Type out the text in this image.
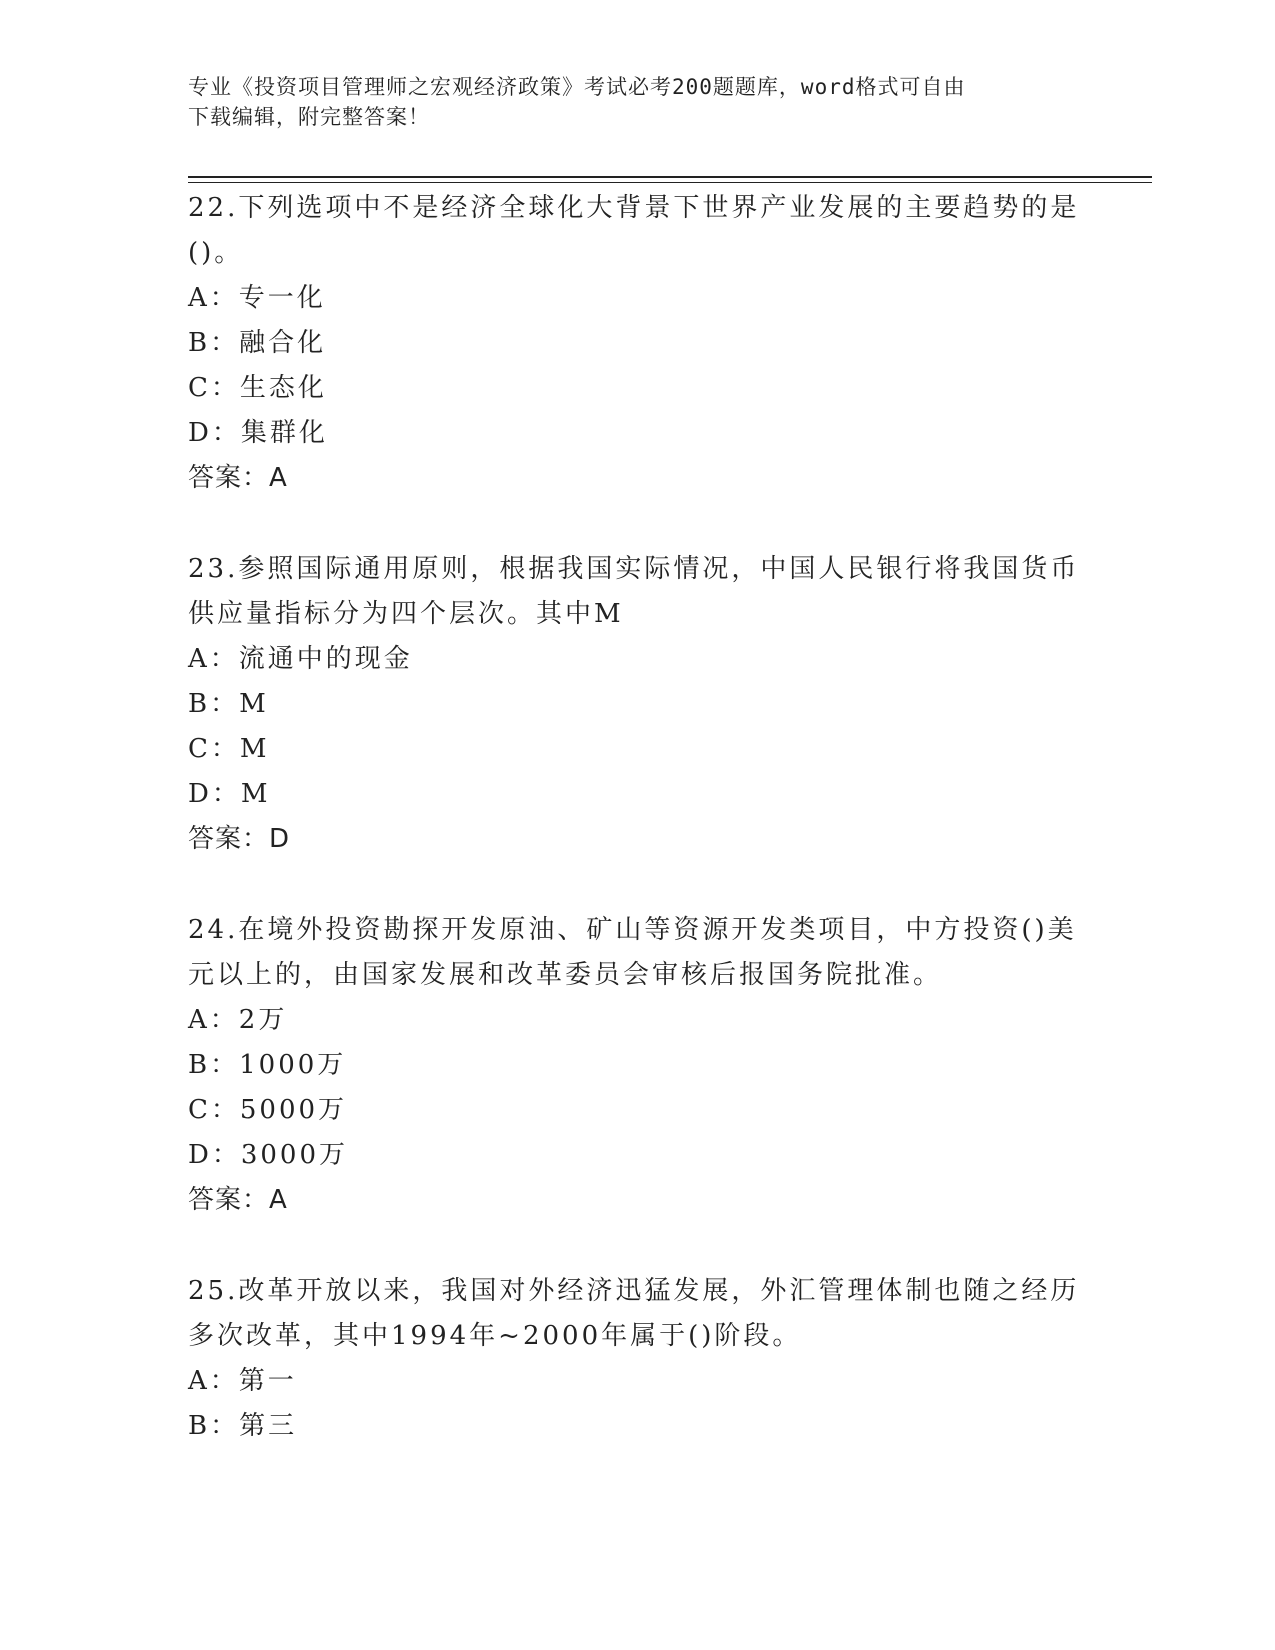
专业《投资项目管理师之宏观经济政策》考试必考200题题库，word格式可自由
下载编辑，附完整答案！

22.下列选项中不是经济全球化大背景下世界产业发展的主要趋势的是

()。

A：专一化

B：融合化

C：生态化

D：集群化

答案：A

23.参照国际通用原则，根据我国实际情况，中国人民银行将我国货币

供应量指标分为四个层次。其中M

A：流通中的现金

B：M

C：M

D：M

答案：D

24.在境外投资勘探开发原油、矿山等资源开发类项目，中方投资()美

元以上的，由国家发展和改革委员会审核后报国务院批准。

A：2万

B：1000万

C：5000万

D：3000万

答案：A

25.改革开放以来，我国对外经济迅猛发展，外汇管理体制也随之经历

多次改革，其中1994年~2000年属于()阶段。

A：第一

B：第三
